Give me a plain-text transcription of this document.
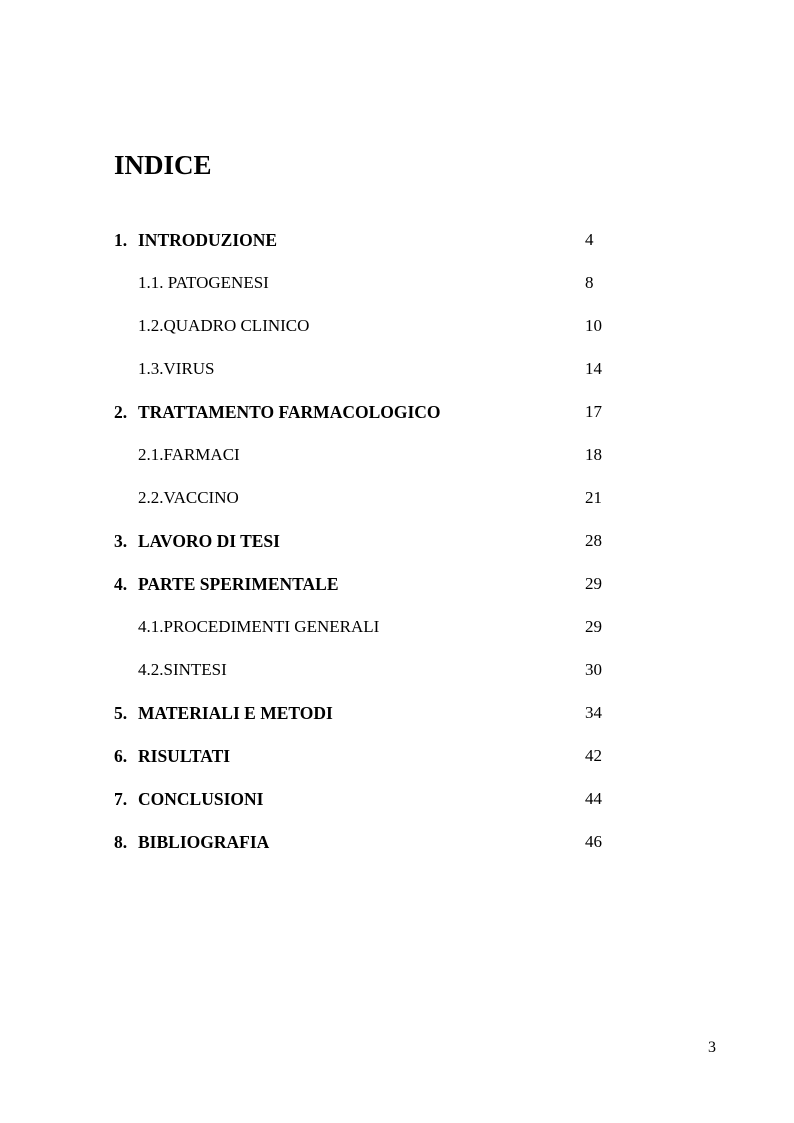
INDICE
1. INTRODUZIONE	4
1.1. PATOGENESI	8
1.2.QUADRO CLINICO	10
1.3.VIRUS	14
2. TRATTAMENTO FARMACOLOGICO	17
2.1.FARMACI	18
2.2.VACCINO	21
3. LAVORO DI TESI	28
4. PARTE SPERIMENTALE	29
4.1.PROCEDIMENTI GENERALI	29
4.2.SINTESI	30
5. MATERIALI E METODI	34
6. RISULTATI	42
7. CONCLUSIONI	44
8. BIBLIOGRAFIA	46
3
